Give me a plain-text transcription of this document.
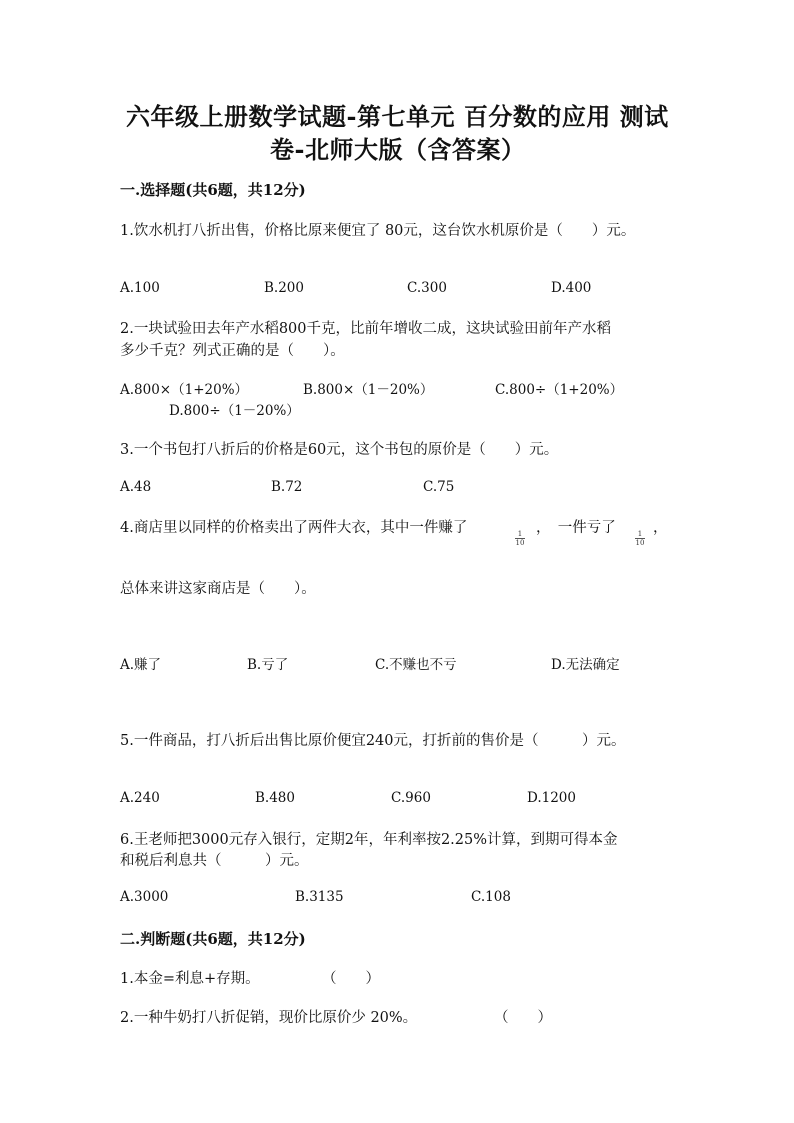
六年级上册数学试题-第七单元 百分数的应用 测试
卷-北师大版（含答案）
一.选择题(共6题，共12分)
1.饮水机打八折出售，价格比原来便宜了 80元，这台饮水机原价是（　　）元。
A.100	B.200	C.300	D.400
2.一块试验田去年产水稻800千克，比前年增收二成，这块试验田前年产水稻
多少千克？列式正确的是（　　）。
A.800×（1+20%）	B.800×（1－20%）	C.800÷（1+20%）
D.800÷（1－20%）
3.一个书包打八折后的价格是60元，这个书包的原价是（　　）元。
A.48	B.72	C.75
4.商店里以同样的价格卖出了两件大衣，其中一件赚了	1
10
，　一件亏了	1
10
，
总体来讲这家商店是（　　）。
A.赚了	B.亏了	C.不赚也不亏	D.无法确定
5.一件商品，打八折后出售比原价便宜240元，打折前的售价是（　　　）元。
A.240	B.480	C.960	D.1200
6.王老师把3000元存入银行，定期2年，年利率按2.25%计算，到期可得本金
和税后利息共（　　　）元。
A.3000	B.3135	C.108
二.判断题(共6题，共12分)
1.本金=利息+存期。	（　　）
2.一种牛奶打八折促销，现价比原价少 20%。	（　　）
